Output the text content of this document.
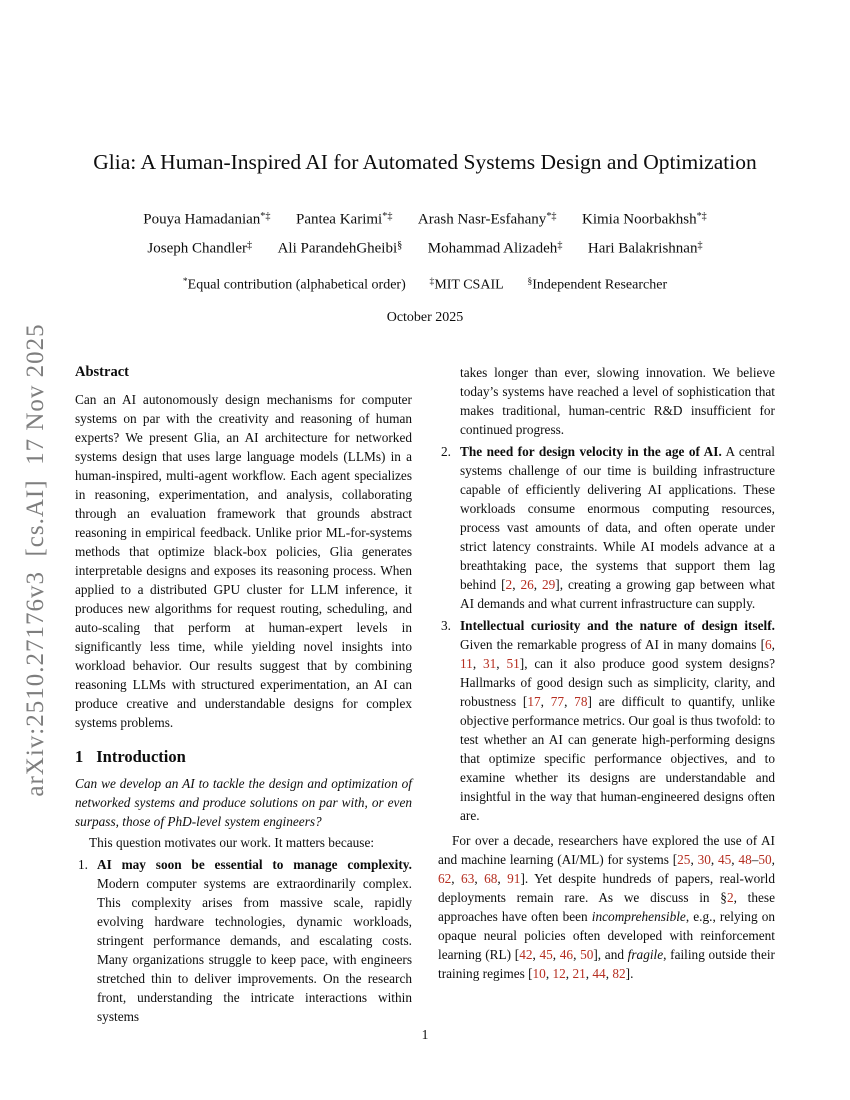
arXiv:2510.27176v3  [cs.AI]  17 Nov 2025
Glia: A Human-Inspired AI for Automated Systems Design and Optimization
Pouya Hamadanian*‡ Pantea Karimi*‡ Arash Nasr-Esfahany*‡ Kimia Noorbakhsh*‡
Joseph Chandler‡ Ali ParandehGheibi§ Mohammad Alizadeh‡ Hari Balakrishnan‡
*Equal contribution (alphabetical order) ‡MIT CSAIL §Independent Researcher
October 2025
Abstract

Can an AI autonomously design mechanisms for computer systems on par with the creativity and reasoning of human experts? We present Glia, an AI architecture for networked systems design that uses large language models (LLMs) in a human-inspired, multi-agent workflow. Each agent specializes in reasoning, experimentation, and analysis, collaborating through an evaluation framework that grounds abstract reasoning in empirical feedback. Unlike prior ML-for-systems methods that optimize black-box policies, Glia generates interpretable designs and exposes its reasoning process. When applied to a distributed GPU cluster for LLM inference, it produces new algorithms for request routing, scheduling, and auto-scaling that perform at human-expert levels in significantly less time, while yielding novel insights into workload behavior. Our results suggest that by combining reasoning LLMs with structured experimentation, an AI can produce creative and understandable designs for complex systems problems.

1 Introduction

Can we develop an AI to tackle the design and optimization of networked systems and produce solutions on par with, or even surpass, those of PhD-level system engineers?

This question motivates our work. It matters because:

1. AI may soon be essential to manage complexity. Modern computer systems are extraordinarily complex. This complexity arises from massive scale, rapidly evolving hardware technologies, dynamic workloads, stringent performance demands, and escalating costs. Many organizations struggle to keep pace, with engineers stretched thin to deliver improvements. On the research front, understanding the intricate interactions within systems

takes longer than ever, slowing innovation. We believe today’s systems have reached a level of sophistication that makes traditional, human-centric R&D insufficient for continued progress.

2. The need for design velocity in the age of AI. A central systems challenge of our time is building infrastructure capable of efficiently delivering AI applications. These workloads consume enormous computing resources, process vast amounts of data, and often operate under strict latency constraints. While AI models advance at a breathtaking pace, the systems that support them lag behind [2, 26, 29], creating a growing gap between what AI demands and what current infrastructure can supply.
3. Intellectual curiosity and the nature of design itself. Given the remarkable progress of AI in many domains [6, 11, 31, 51], can it also produce good system designs? Hallmarks of good design such as simplicity, clarity, and robustness [17, 77, 78] are difficult to quantify, unlike objective performance metrics. Our goal is thus twofold: to test whether an AI can generate high-performing designs that optimize specific performance objectives, and to examine whether its designs are understandable and insightful in the way that human-engineered designs often are.

For over a decade, researchers have explored the use of AI and machine learning (AI/ML) for systems [25, 30, 45, 48–50, 62, 63, 68, 91]. Yet despite hundreds of papers, real-world deployments remain rare. As we discuss in §2, these approaches have often been incomprehensible, e.g., relying on opaque neural policies often developed with reinforcement learning (RL) [42, 45, 46, 50], and fragile, failing outside their training regimes [10, 12, 21, 44, 82].

1
